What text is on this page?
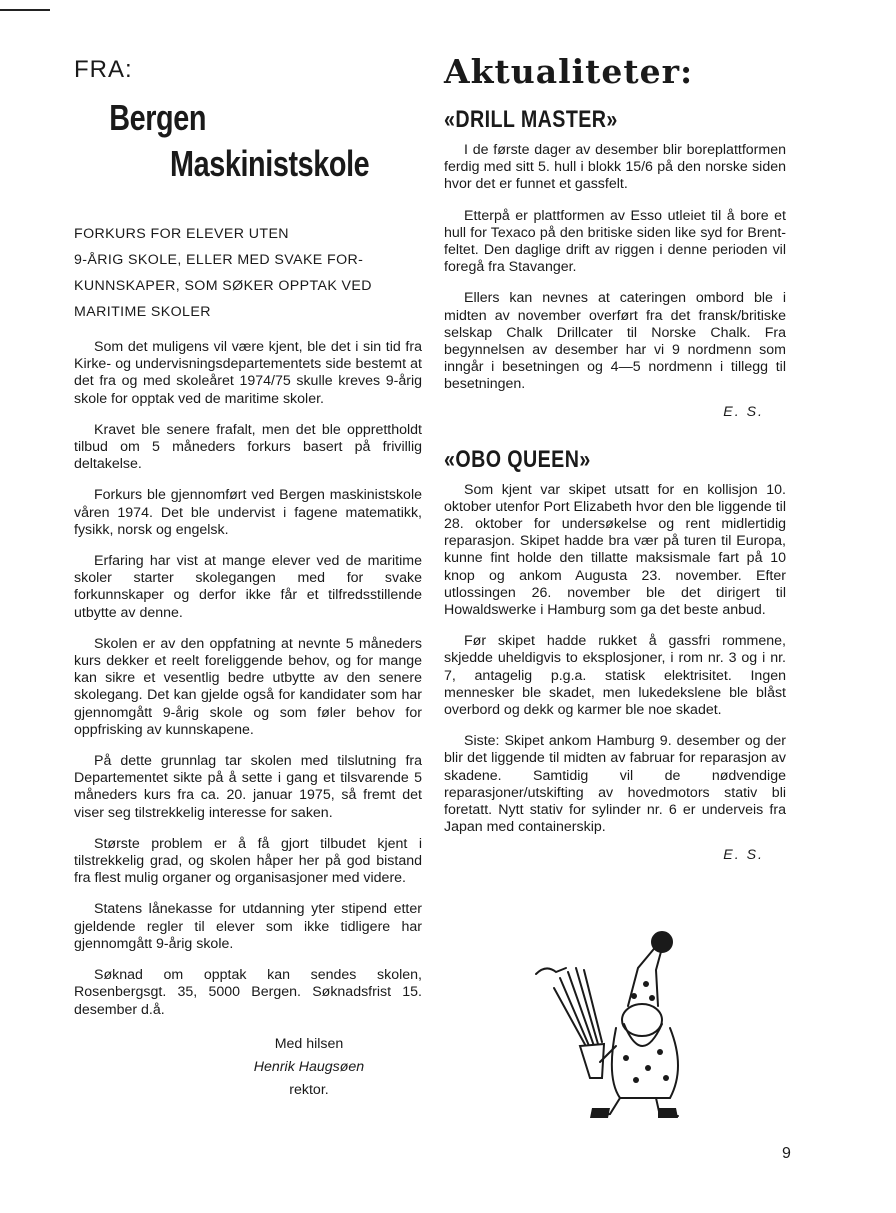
FRA:

Bergen
Maskinistskole
FORKURS FOR ELEVER UTEN
9-ÅRIG SKOLE, ELLER MED SVAKE FOR-
KUNNSKAPER, SOM SØKER OPPTAK VED
MARITIME SKOLER

Som det muligens vil være kjent, ble det i sin tid fra Kirke- og undervisningsdepartementets side bestemt at det fra og med skoleåret 1974/75 skulle kreves 9-årig skole for opptak ved de maritime skoler.

Kravet ble senere frafalt, men det ble opprettholdt tilbud om 5 måneders forkurs basert på frivillig deltakelse.

Forkurs ble gjennomført ved Bergen maskinistskole våren 1974. Det ble undervist i fagene matematikk, fysikk, norsk og engelsk.

Erfaring har vist at mange elever ved de maritime skoler starter skolegangen med for svake forkunnskaper og derfor ikke får et tilfredsstillende utbytte av denne.

Skolen er av den oppfatning at nevnte 5 måneders kurs dekker et reelt foreliggende behov, og for mange kan sikre et vesentlig bedre utbytte av den senere skolegang. Det kan gjelde også for kandidater som har gjennomgått 9-årig skole og som føler behov for oppfrisking av kunnskapene.

På dette grunnlag tar skolen med tilslutning fra Departementet sikte på å sette i gang et tilsvarende 5 måneders kurs fra ca. 20. januar 1975, så fremt det viser seg tilstrekkelig interesse for saken.

Største problem er å få gjort tilbudet kjent i tilstrekkelig grad, og skolen håper her på god bistand fra flest mulig organer og organisasjoner med videre.

Statens lånekasse for utdanning yter stipend etter gjeldende regler til elever som ikke tidligere har gjennomgått 9-årig skole.

Søknad om opptak kan sendes skolen, Rosenbergsgt. 35, 5000 Bergen. Søknadsfrist 15. desember d.å.

Med hilsen
Henrik Haugsøen
rektor.
Aktualiteter:
«DRILL MASTER»

I de første dager av desember blir boreplattformen ferdig med sitt 5. hull i blokk 15/6 på den norske siden hvor det er funnet et gassfelt.

Etterpå er plattformen av Esso utleiet til å bore et hull for Texaco på den britiske siden like syd for Brent-feltet. Den daglige drift av riggen i denne perioden vil foregå fra Stavanger.

Ellers kan nevnes at cateringen ombord ble i midten av november overført fra det fransk/britiske selskap Chalk Drillcater til Norske Chalk. Fra begynnelsen av desember har vi 9 nordmenn som inngår i besetningen og 4—5 nordmenn i tillegg til besetningen.

E. S.
«OBO QUEEN»

Som kjent var skipet utsatt for en kollisjon 10. oktober utenfor Port Elizabeth hvor den ble liggende til 28. oktober for undersøkelse og rent midlertidig reparasjon. Skipet hadde bra vær på turen til Europa, kunne fint holde den tillatte maksismale fart på 10 knop og ankom Augusta 23. november. Efter utlossingen 26. november ble det dirigert til Howaldswerke i Hamburg som ga det beste anbud.

Før skipet hadde rukket å gassfri rommene, skjedde uheldigvis to eksplosjoner, i rom nr. 3 og i nr. 7, antagelig p.g.a. statisk elektrisitet. Ingen mennesker ble skadet, men lukedekslene ble blåst overbord og dekk og karmer ble noe skadet.

Siste: Skipet ankom Hamburg 9. desember og der blir det liggende til midten av fabruar for reparasjon av skadene. Samtidig vil de nødvendige reparasjoner/utskifting av hovedmotors stativ bli foretatt. Nytt stativ for sylinder nr. 6 er underveis fra Japan med containerskip.

E. S.
9
